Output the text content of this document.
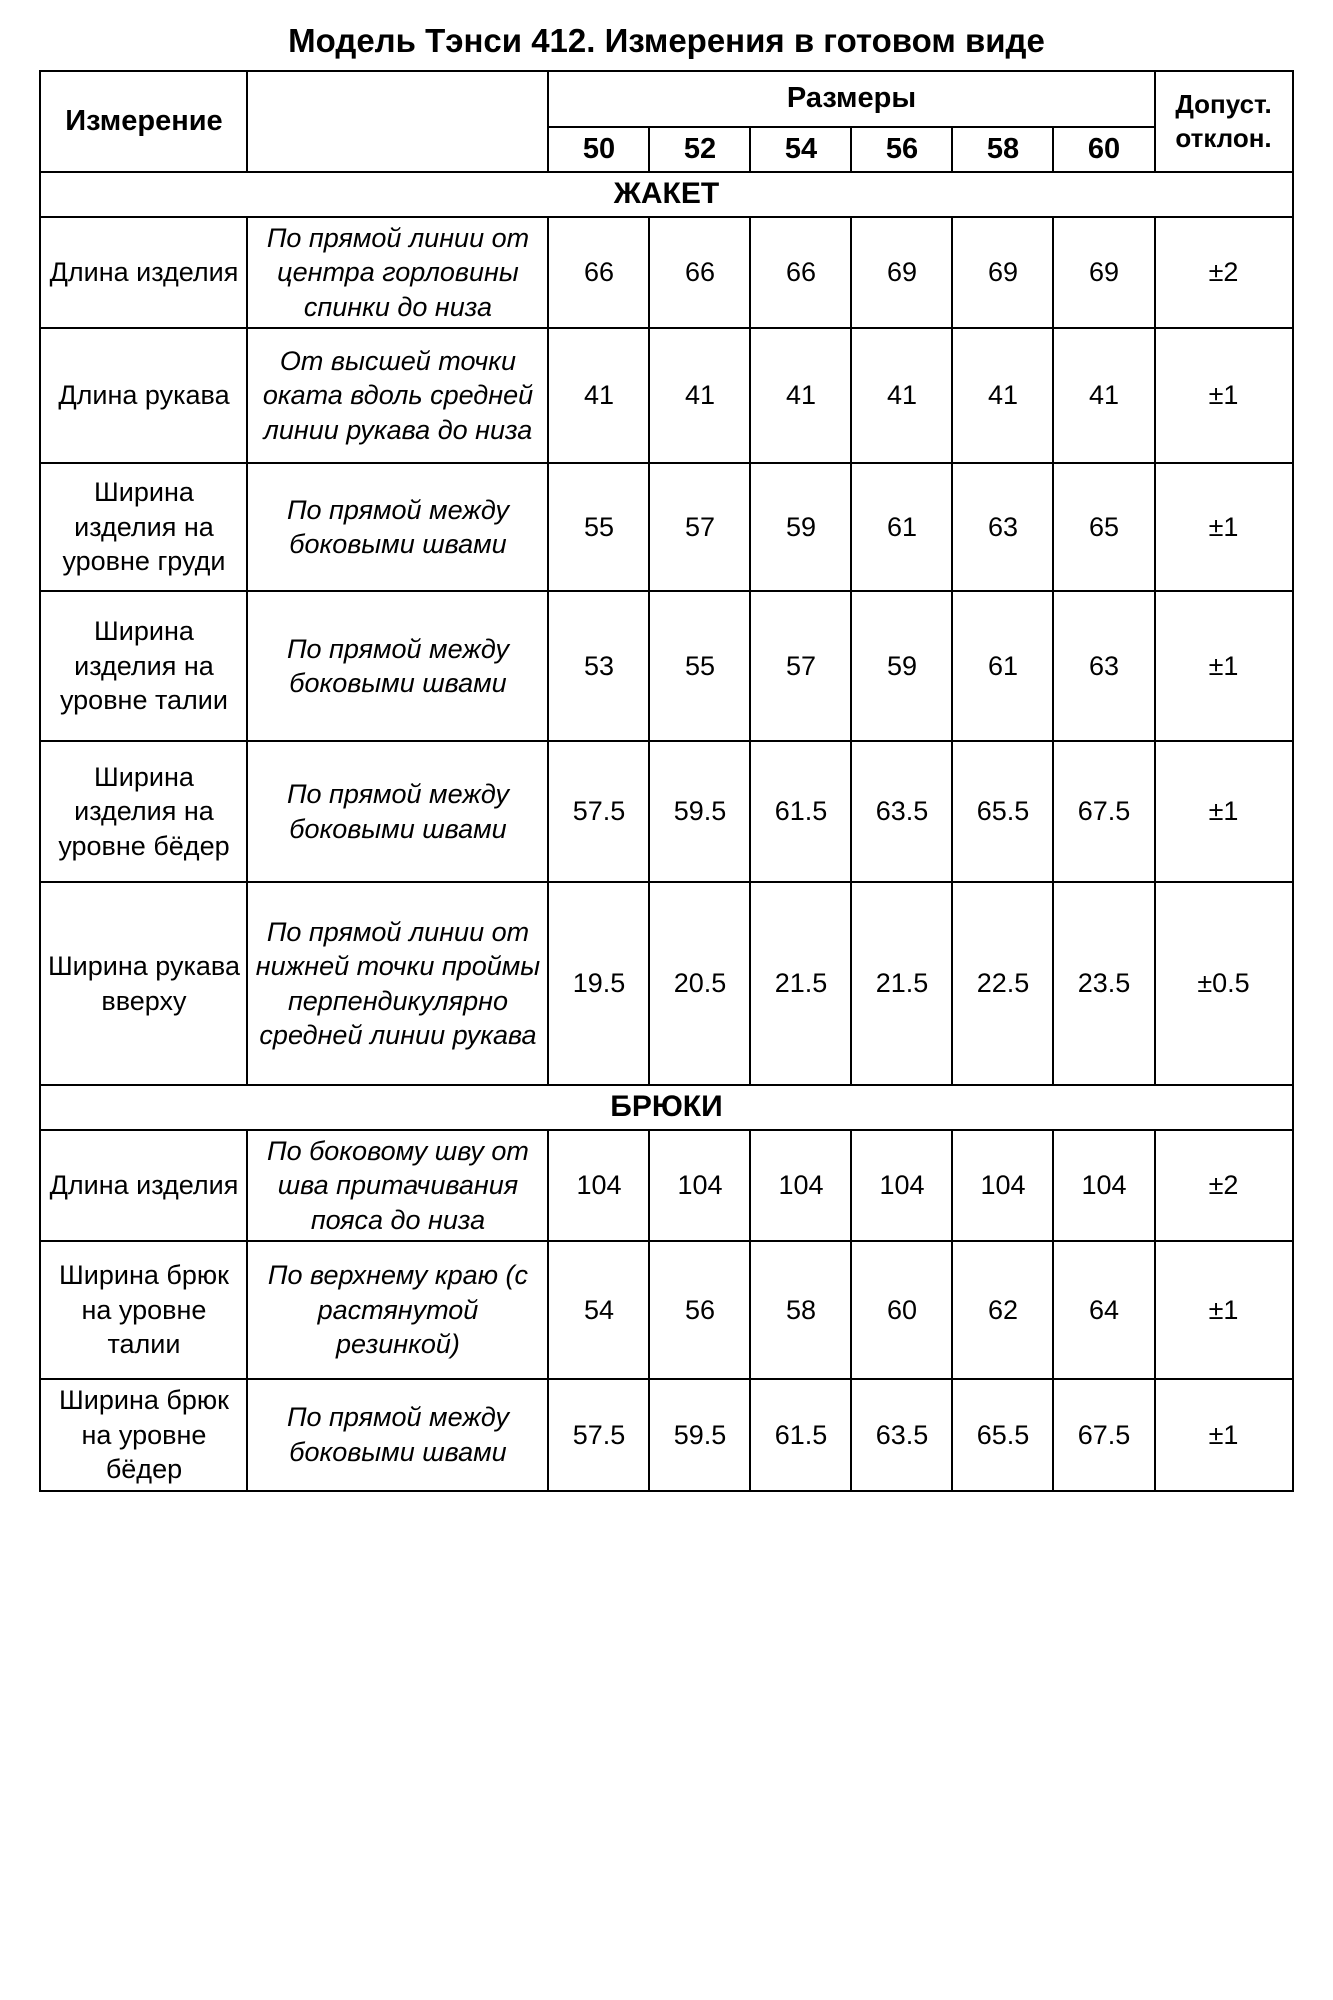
Модель Тэнси 412. Измерения в готовом виде
Измерение		Размеры						Допуст.
отклон.

		50	52	54	56	58	60	
ЖАКЕТ								
Длина изделия	По прямой линии от центра горловины спинки до низа	66	66	66	69	69	69	±2
Длина рукава	От высшей точки оката вдоль средней линии рукава до низа	41	41	41	41	41	41	±1
Ширина изделия на уровне груди	По прямой между боковыми швами	55	57	59	61	63	65	±1
Ширина изделия на уровне талии	По прямой между боковыми швами	53	55	57	59	61	63	±1
Ширина изделия на уровне бёдер	По прямой между боковыми швами	57.5	59.5	61.5	63.5	65.5	67.5	±1
Ширина рукава вверху	По прямой линии от нижней точки проймы перпендикулярно средней линии рукава	19.5	20.5	21.5	21.5	22.5	23.5	±0.5
БРЮКИ								
Длина изделия	По боковому шву от шва притачивания пояса до низа	104	104	104	104	104	104	±2
Ширина брюк на уровне талии	По верхнему краю (с растянутой резинкой)	54	56	58	60	62	64	±1
Ширина брюк на уровне бёдер	По прямой между боковыми швами	57.5	59.5	61.5	63.5	65.5	67.5	±1
